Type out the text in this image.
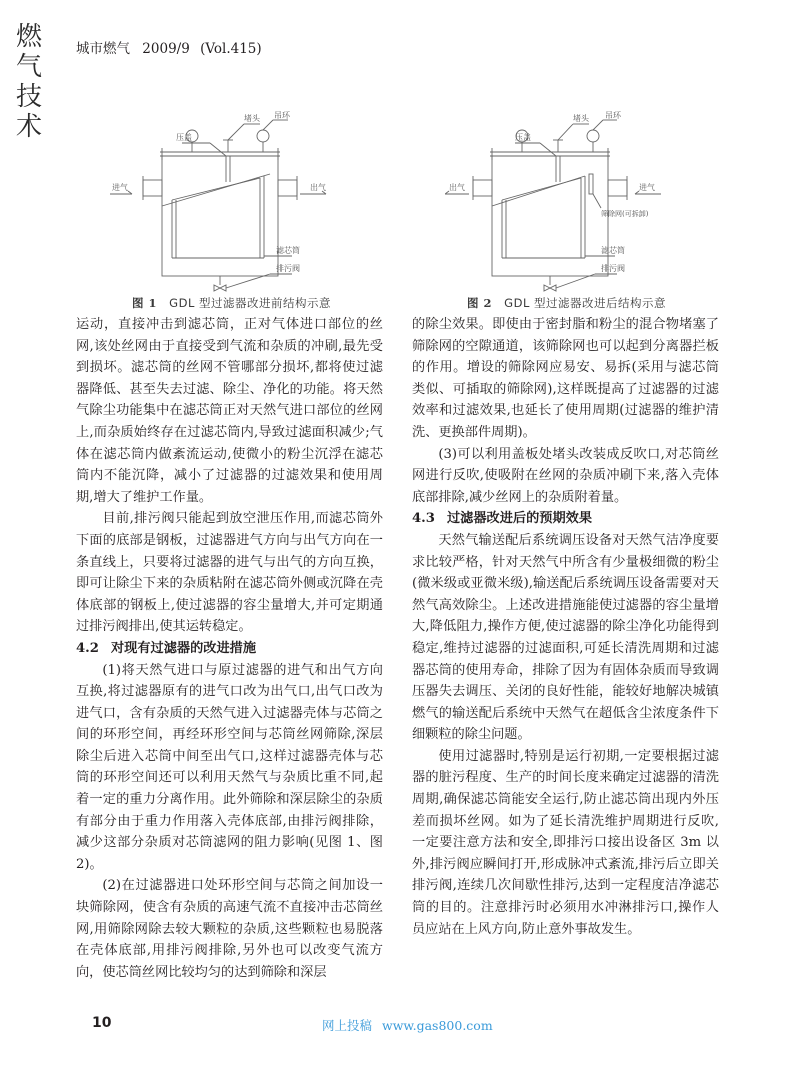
燃
气
技
术
城市燃气 2009/9 (Vol.415)
压盖
堵头 吊环
进气	出气
滤芯筒
排污阀
压盖
堵头 吊环
出气	进气
筛除网(可拆卸)
滤芯筒
排污阀
图 1 GDL 型过滤器改进前结构示意	图 2 GDL 型过滤器改进后结构示意

运动，直接冲击到滤芯筒，正对气体进口部位的丝网,该处丝网由于直接受到气流和杂质的冲刷,最先受到损坏。滤芯筒的丝网不管哪部分损坏,都将使过滤器降低、甚至失去过滤、除尘、净化的功能。将天然气除尘功能集中在滤芯筒正对天然气进口部位的丝网上,而杂质始终存在过滤芯筒内,导致过滤面积减少;气体在滤芯筒内做紊流运动,使微小的粉尘沉浮在滤芯筒内不能沉降，减小了过滤器的过滤效果和使用周期,增大了维护工作量。

目前,排污阀只能起到放空泄压作用,而滤芯筒外下面的底部是钢板，过滤器进气方向与出气方向在一条直线上，只要将过滤器的进气与出气的方向互换，即可让除尘下来的杂质粘附在滤芯筒外侧或沉降在壳体底部的钢板上,使过滤器的容尘量增大,并可定期通过排污阀排出,使其运转稳定。

4.2 对现有过滤器的改进措施

(1)将天然气进口与原过滤器的进气和出气方向互换,将过滤器原有的进气口改为出气口,出气口改为进气口，含有杂质的天然气进入过滤器壳体与芯筒之间的环形空间，再经环形空间与芯筒丝网筛除,深层除尘后进入芯筒中间至出气口,这样过滤器壳体与芯筒的环形空间还可以利用天然气与杂质比重不同,起着一定的重力分离作用。此外筛除和深层除尘的杂质有部分由于重力作用落入壳体底部,由排污阀排除，减少这部分杂质对芯筒滤网的阻力影响(见图 1、图 2)。

(2)在过滤器进口处环形空间与芯筒之间加设一块筛除网，使含有杂质的高速气流不直接冲击芯筒丝网,用筛除网除去较大颗粒的杂质,这些颗粒也易脱落在壳体底部,用排污阀排除,另外也可以改变气流方向，使芯筒丝网比较均匀的达到筛除和深层

的除尘效果。即使由于密封脂和粉尘的混合物堵塞了筛除网的空隙通道，该筛除网也可以起到分离器拦板的作用。增设的筛除网应易安、易拆(采用与滤芯筒类似、可插取的筛除网),这样既提高了过滤器的过滤效率和过滤效果,也延长了使用周期(过滤器的维护清洗、更换部件周期)。

(3)可以利用盖板处堵头改装成反吹口,对芯筒丝网进行反吹,使吸附在丝网的杂质冲刷下来,落入壳体底部排除,减少丝网上的杂质附着量。

4.3 过滤器改进后的预期效果

天然气输送配后系统调压设备对天然气洁净度要求比较严格，针对天然气中所含有少量极细微的粉尘(微米级或亚微米级),输送配后系统调压设备需要对天然气高效除尘。上述改进措施能使过滤器的容尘量增大,降低阻力,操作方便,使过滤器的除尘净化功能得到稳定,维持过滤器的过滤面积,可延长清洗周期和过滤器芯筒的使用寿命，排除了因为有固体杂质而导致调压器失去调压、关闭的良好性能，能较好地解决城镇燃气的输送配后系统中天然气在超低含尘浓度条件下细颗粒的除尘问题。

使用过滤器时,特别是运行初期,一定要根据过滤器的脏污程度、生产的时间长度来确定过滤器的清洗周期,确保滤芯筒能安全运行,防止滤芯筒出现内外压差而损坏丝网。如为了延长清洗维护周期进行反吹,一定要注意方法和安全,即排污口接出设备区 3m 以外,排污阀应瞬间打开,形成脉冲式紊流,排污后立即关排污阀,连续几次间歇性排污,达到一定程度洁净滤芯筒的目的。注意排污时必须用水冲淋排污口,操作人员应站在上风方向,防止意外事故发生。

10	网上投稿 www.gas800.com
